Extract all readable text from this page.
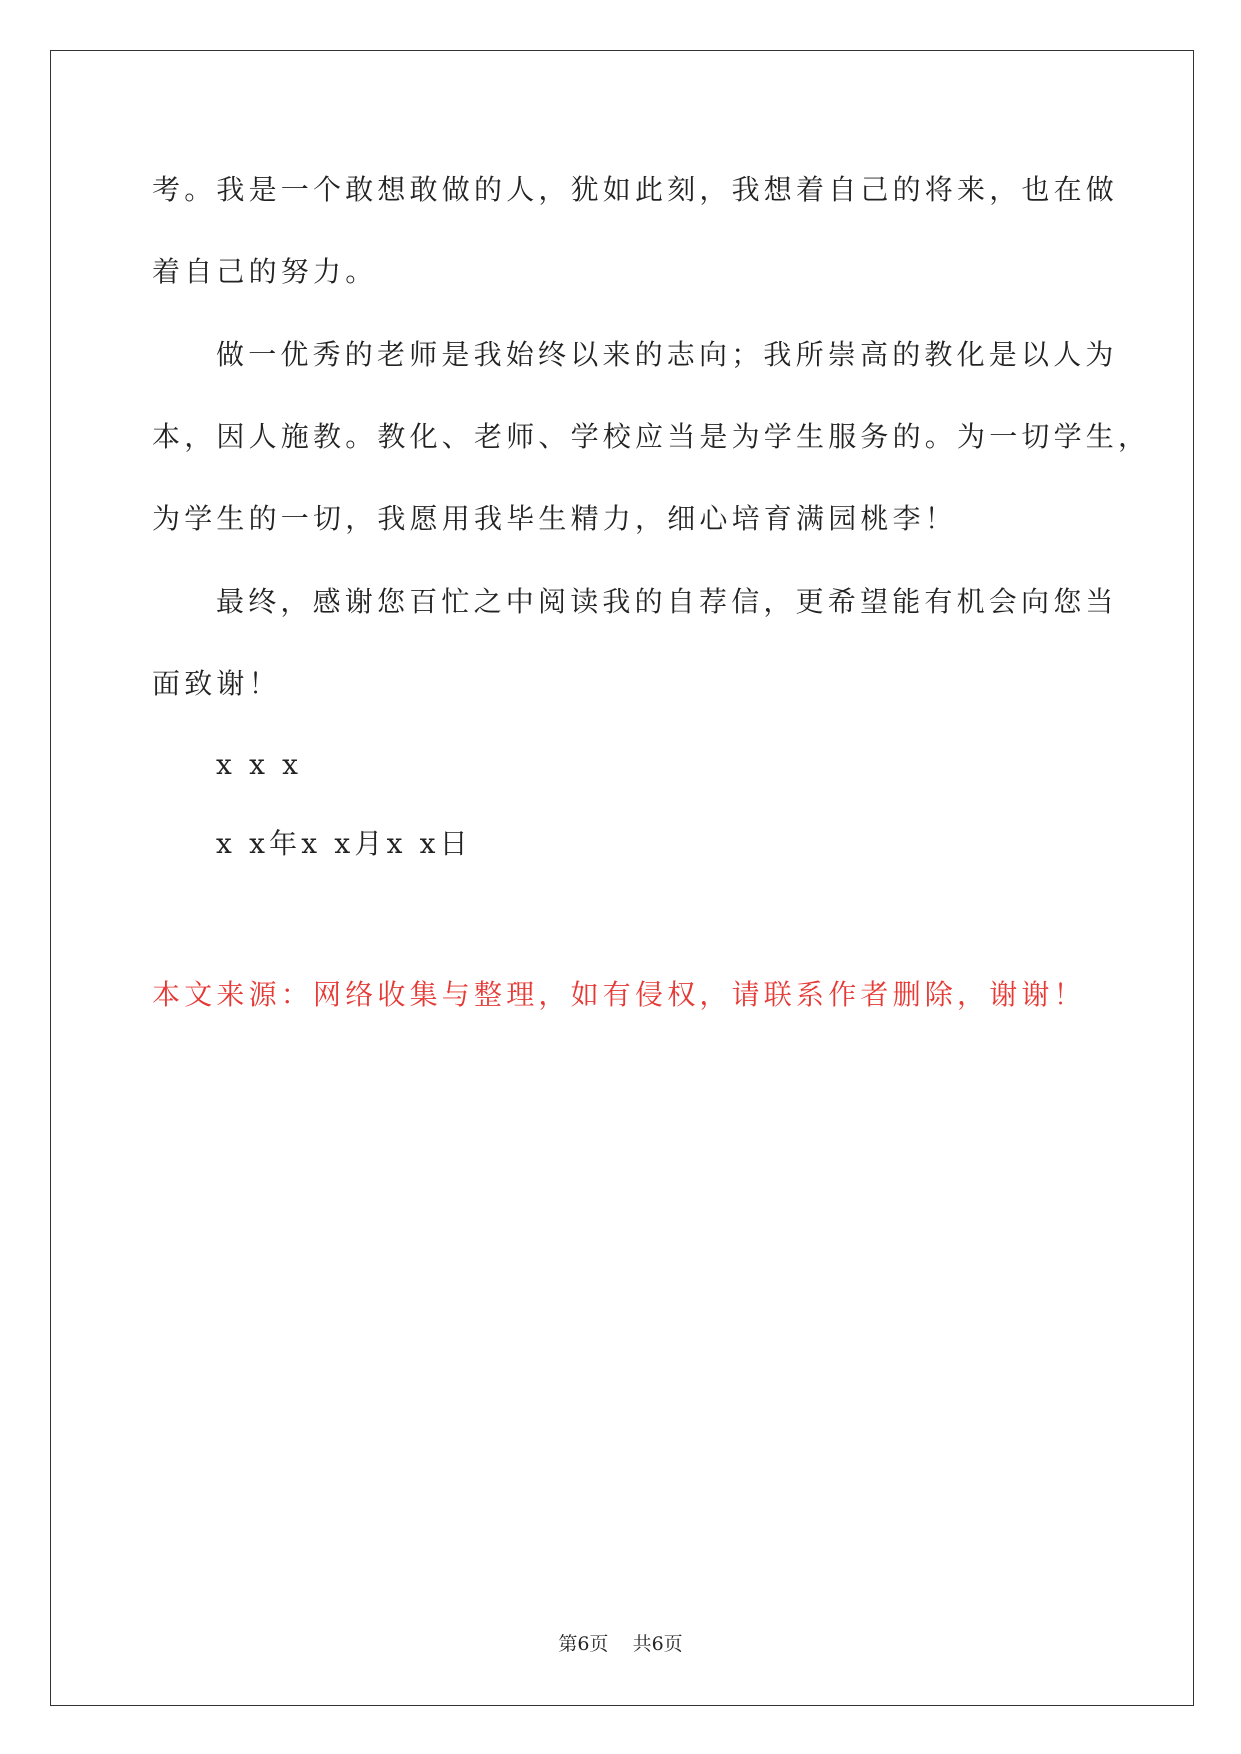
考。我是一个敢想敢做的人，犹如此刻，我想着自己的将来，也在做
着自己的努力。
做一优秀的老师是我始终以来的志向；我所崇高的教化是以人为
本，因人施教。教化、老师、学校应当是为学生服务的。为一切学生，
为学生的一切，我愿用我毕生精力，细心培育满园桃李！
最终，感谢您百忙之中阅读我的自荐信，更希望能有机会向您当
面致谢！
x x x
x x年x x月x x日
本文来源：网络收集与整理，如有侵权，请联系作者删除，谢谢！
第6页    共6页
